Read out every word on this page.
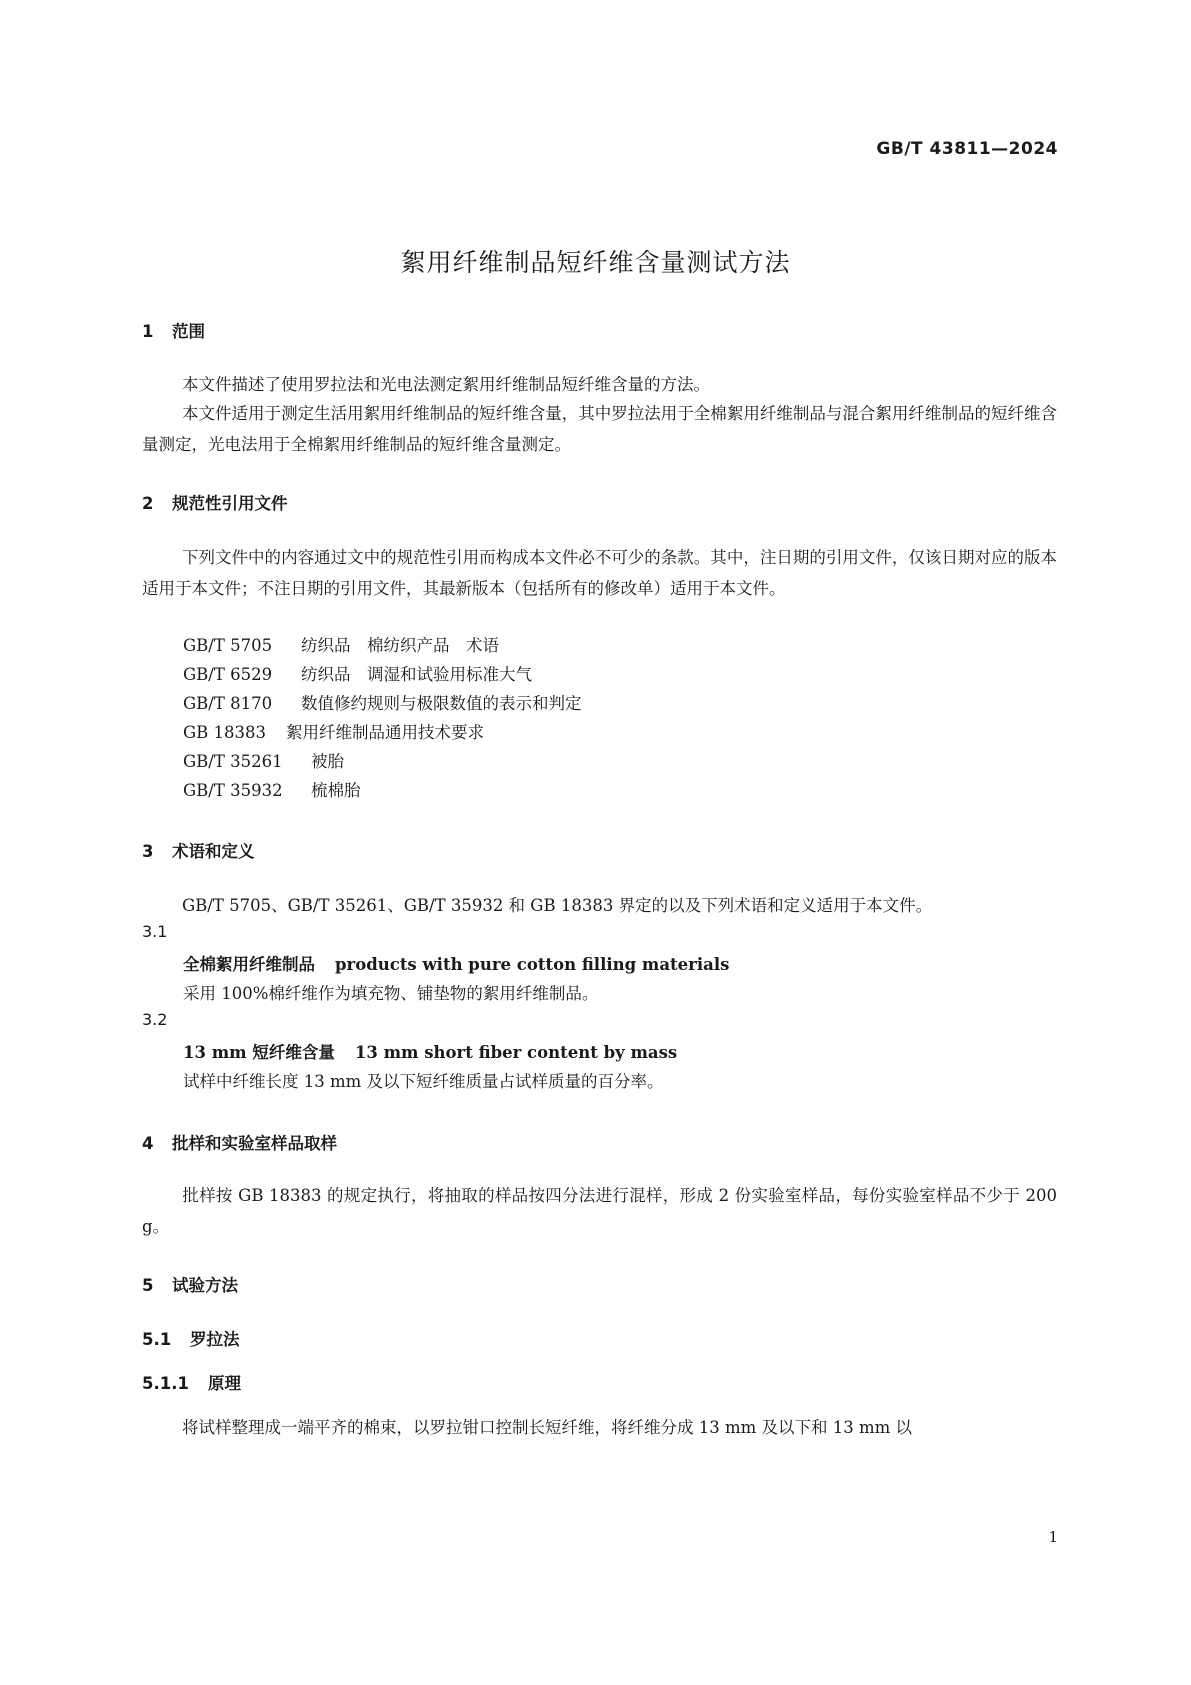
GB/T 43811—2024
絮用纤维制品短纤维含量测试方法
1 范围
本文件描述了使用罗拉法和光电法测定絮用纤维制品短纤维含量的方法。
本文件适用于测定生活用絮用纤维制品的短纤维含量，其中罗拉法用于全棉絮用纤维制品与混合絮用纤维制品的短纤维含量测定，光电法用于全棉絮用纤维制品的短纤维含量测定。
2 规范性引用文件
下列文件中的内容通过文中的规范性引用而构成本文件必不可少的条款。其中，注日期的引用文件，仅该日期对应的版本适用于本文件；不注日期的引用文件，其最新版本（包括所有的修改单）适用于本文件。
GB/T 5705 纺织品　棉纺织产品　术语
GB/T 6529 纺织品　调湿和试验用标准大气
GB/T 8170 数值修约规则与极限数值的表示和判定
GB 18383 絮用纤维制品通用技术要求
GB/T 35261 被胎
GB/T 35932 梳棉胎
3 术语和定义
GB/T 5705、GB/T 35261、GB/T 35932 和 GB 18383 界定的以及下列术语和定义适用于本文件。
3.1
全棉絮用纤维制品 products with pure cotton filling materials
采用 100%棉纤维作为填充物、铺垫物的絮用纤维制品。
3.2
13 mm 短纤维含量 13 mm short fiber content by mass
试样中纤维长度 13 mm 及以下短纤维质量占试样质量的百分率。
4 批样和实验室样品取样
批样按 GB 18383 的规定执行，将抽取的样品按四分法进行混样，形成 2 份实验室样品，每份实验室样品不少于 200 g。
5 试验方法
5.1 罗拉法
5.1.1 原理
将试样整理成一端平齐的棉束，以罗拉钳口控制长短纤维，将纤维分成 13 mm 及以下和 13 mm 以
1
